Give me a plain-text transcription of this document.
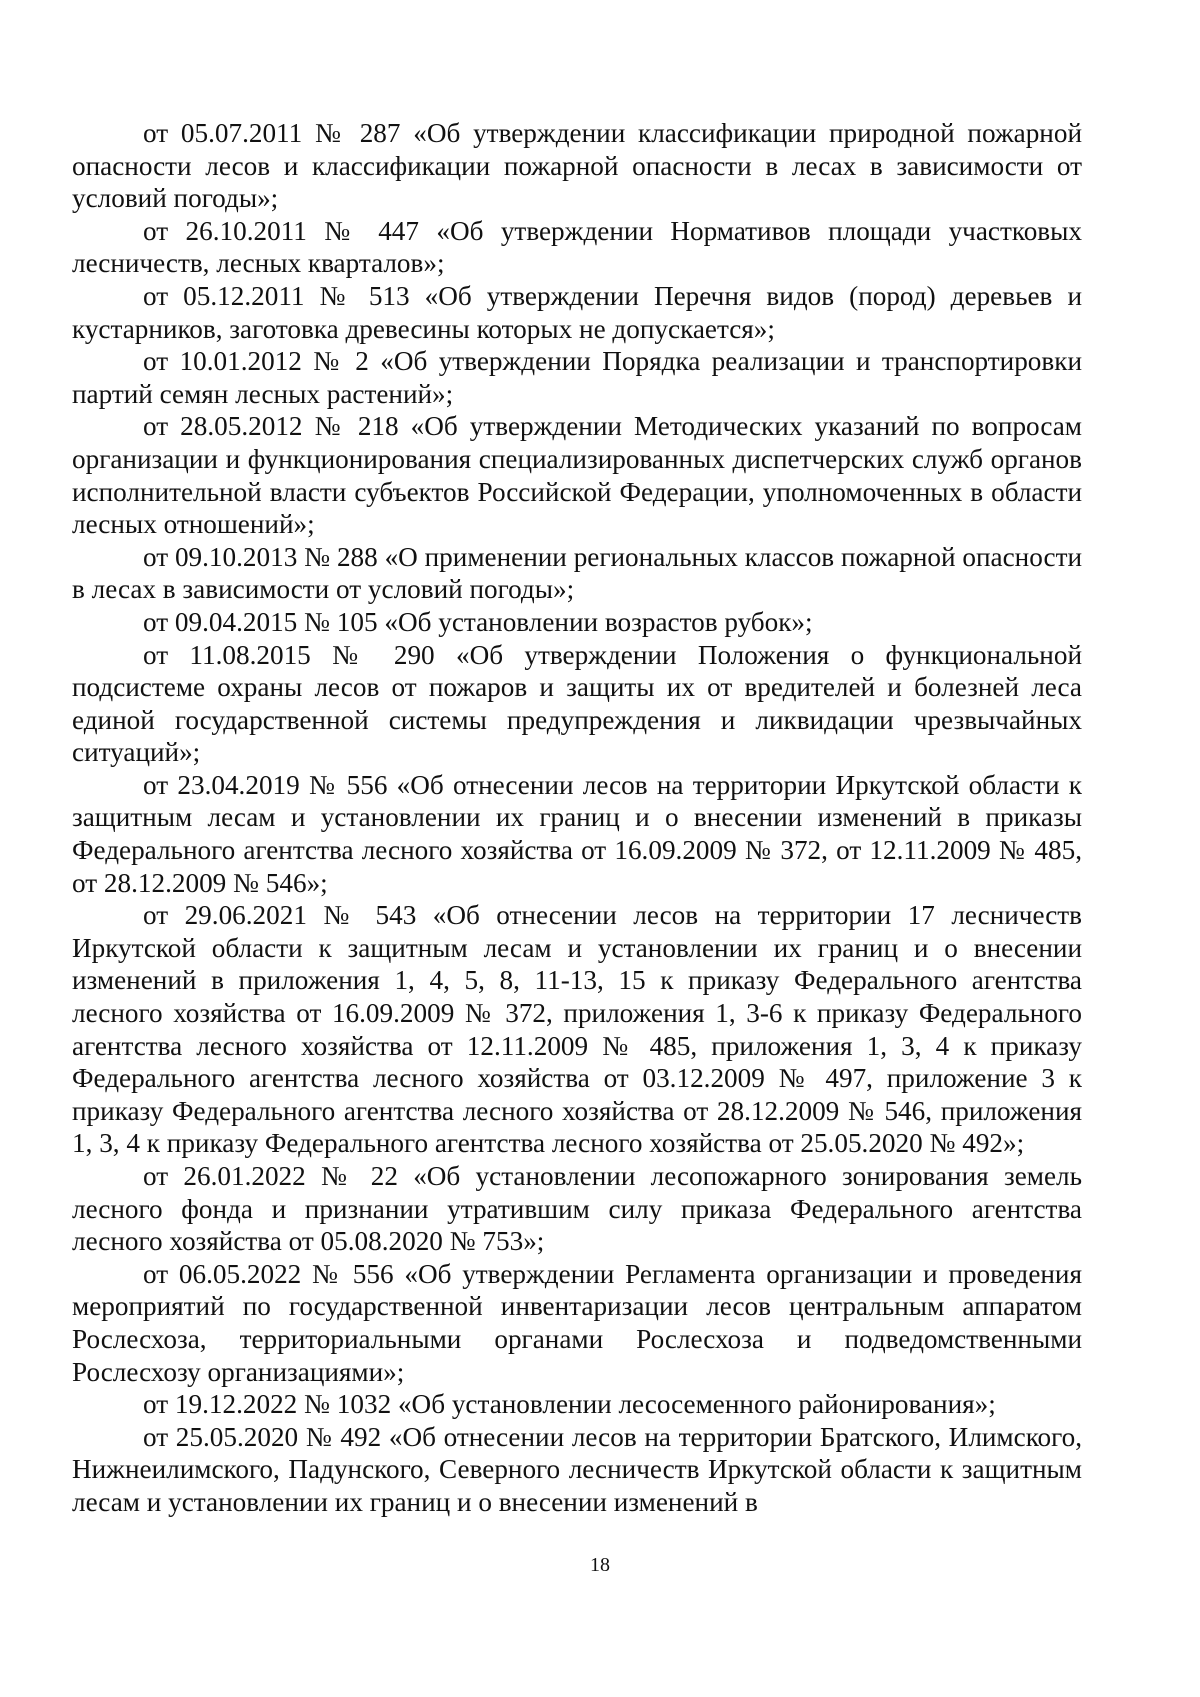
от 05.07.2011 № 287 «Об утверждении классификации природной пожарной опасности лесов и классификации пожарной опасности в лесах в зависимости от условий погоды»;

от 26.10.2011 № 447 «Об утверждении Нормативов площади участковых лесничеств, лесных кварталов»;

от 05.12.2011 № 513 «Об утверждении Перечня видов (пород) деревьев и кустарников, заготовка древесины которых не допускается»;

от 10.01.2012 № 2 «Об утверждении Порядка реализации и транспортировки партий семян лесных растений»;

от 28.05.2012 № 218 «Об утверждении Методических указаний по вопросам организации и функционирования специализированных диспетчерских служб органов исполнительной власти субъектов Российской Федерации, уполномоченных в области лесных отношений»;

от 09.10.2013 № 288 «О применении региональных классов пожарной опасности в лесах в зависимости от условий погоды»;

от 09.04.2015 № 105 «Об установлении возрастов рубок»;

от 11.08.2015 № 290 «Об утверждении Положения о функциональной подсистеме охраны лесов от пожаров и защиты их от вредителей и болезней леса единой государственной системы предупреждения и ликвидации чрезвычайных ситуаций»;

от 23.04.2019 № 556 «Об отнесении лесов на территории Иркутской области к защитным лесам и установлении их границ и о внесении изменений в приказы Федерального агентства лесного хозяйства от 16.09.2009 № 372, от 12.11.2009 № 485, от 28.12.2009 № 546»;

от 29.06.2021 № 543 «Об отнесении лесов на территории 17 лесничеств Иркутской области к защитным лесам и установлении их границ и о внесении изменений в приложения 1, 4, 5, 8, 11-13, 15 к приказу Федерального агентства лесного хозяйства от 16.09.2009 № 372, приложения 1, 3-6 к приказу Федерального агентства лесного хозяйства от 12.11.2009 № 485, приложения 1, 3, 4 к приказу Федерального агентства лесного хозяйства от 03.12.2009 № 497, приложение 3 к приказу Федерального агентства лесного хозяйства от 28.12.2009 № 546, приложения 1, 3, 4 к приказу Федерального агентства лесного хозяйства от 25.05.2020 № 492»;

от 26.01.2022 № 22 «Об установлении лесопожарного зонирования земель лесного фонда и признании утратившим силу приказа Федерального агентства лесного хозяйства от 05.08.2020 № 753»;

от 06.05.2022 № 556 «Об утверждении Регламента организации и проведения мероприятий по государственной инвентаризации лесов центральным аппаратом Рослесхоза, территориальными органами Рослесхоза и подведомственными Рослесхозу организациями»;

от 19.12.2022 № 1032 «Об установлении лесосеменного районирования»;

от 25.05.2020 № 492 «Об отнесении лесов на территории Братского, Илимского, Нижнеилимского, Падунского, Северного лесничеств Иркутской области к защитным лесам и установлении их границ и о внесении изменений в

18
